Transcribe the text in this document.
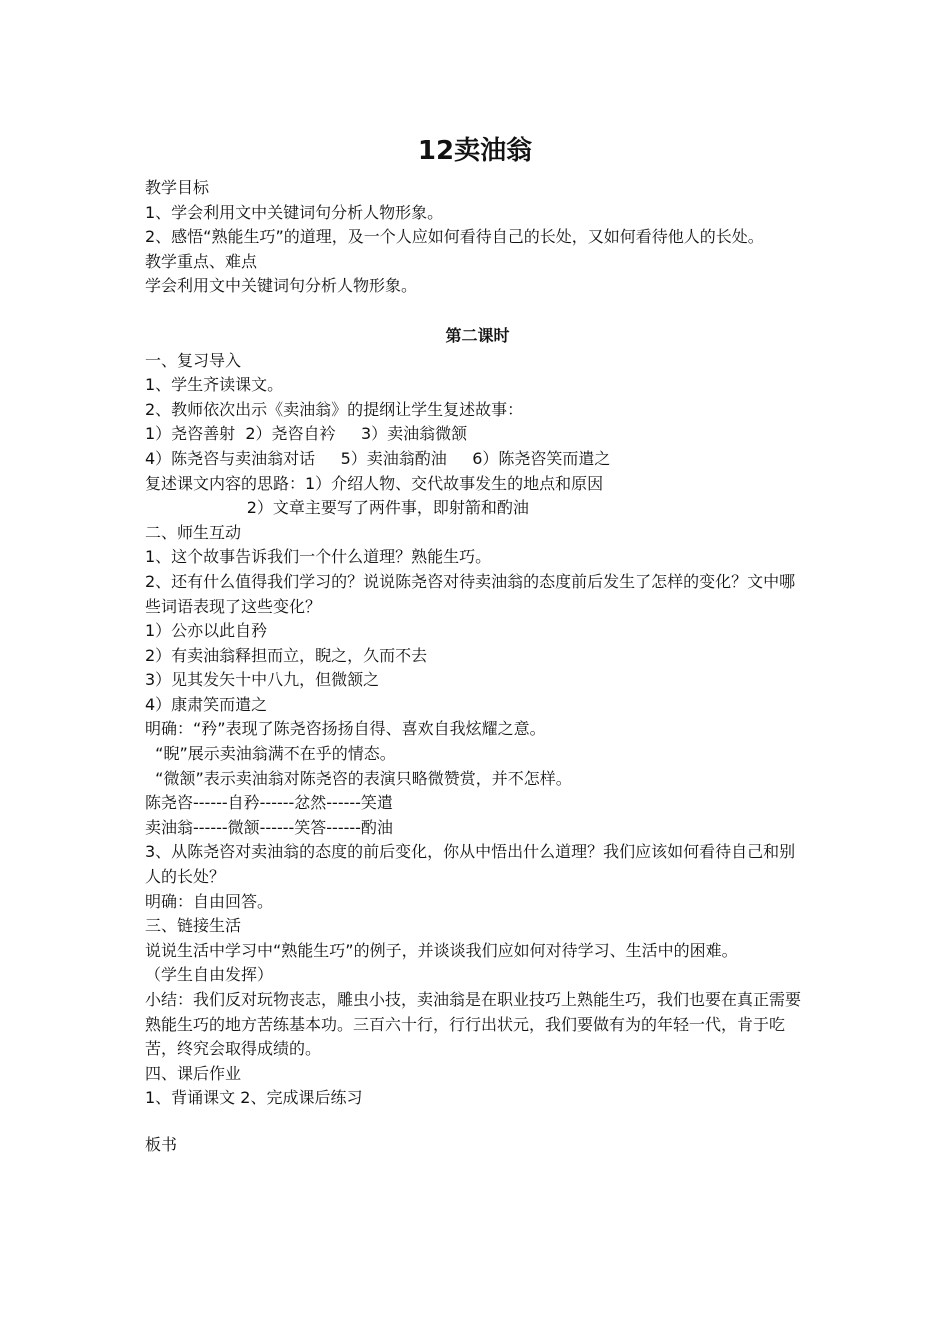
12卖油翁

教学目标

1、学会利用文中关键词句分析人物形象。

2、感悟“熟能生巧”的道理，及一个人应如何看待自己的长处，又如何看待他人的长处。

教学重点、难点

学会利用文中关键词句分析人物形象。

第二课时

一、复习导入

1、学生齐读课文。

2、教师依次出示《卖油翁》的提纲让学生复述故事：

1）尧咨善射  2）尧咨自衿     3）卖油翁微颔

4）陈尧咨与卖油翁对话     5）卖油翁酌油     6）陈尧咨笑而遣之

复述课文内容的思路：1）介绍人物、交代故事发生的地点和原因

2）文章主要写了两件事，即射箭和酌油

二、师生互动

1、这个故事告诉我们一个什么道理？熟能生巧。

2、还有什么值得我们学习的？说说陈尧咨对待卖油翁的态度前后发生了怎样的变化？文中哪些词语表现了这些变化？

1）公亦以此自矜

2）有卖油翁释担而立，睨之，久而不去

3）见其发矢十中八九，但微颔之

4）康肃笑而遣之

明确：“矜”表现了陈尧咨扬扬自得、喜欢自我炫耀之意。

“睨”展示卖油翁满不在乎的情态。

“微颔”表示卖油翁对陈尧咨的表演只略微赞赏，并不怎样。

陈尧咨------自矜------忿然------笑遣

卖油翁------微颔------笑答------酌油

3、从陈尧咨对卖油翁的态度的前后变化，你从中悟出什么道理？我们应该如何看待自己和别人的长处？

明确：自由回答。

三、链接生活

说说生活中学习中“熟能生巧”的例子，并谈谈我们应如何对待学习、生活中的困难。

（学生自由发挥）

小结：我们反对玩物丧志，雕虫小技，卖油翁是在职业技巧上熟能生巧，我们也要在真正需要熟能生巧的地方苦练基本功。三百六十行，行行出状元，我们要做有为的年轻一代，肯于吃苦，终究会取得成绩的。

四、课后作业

1、背诵课文 2、完成课后练习

板书
